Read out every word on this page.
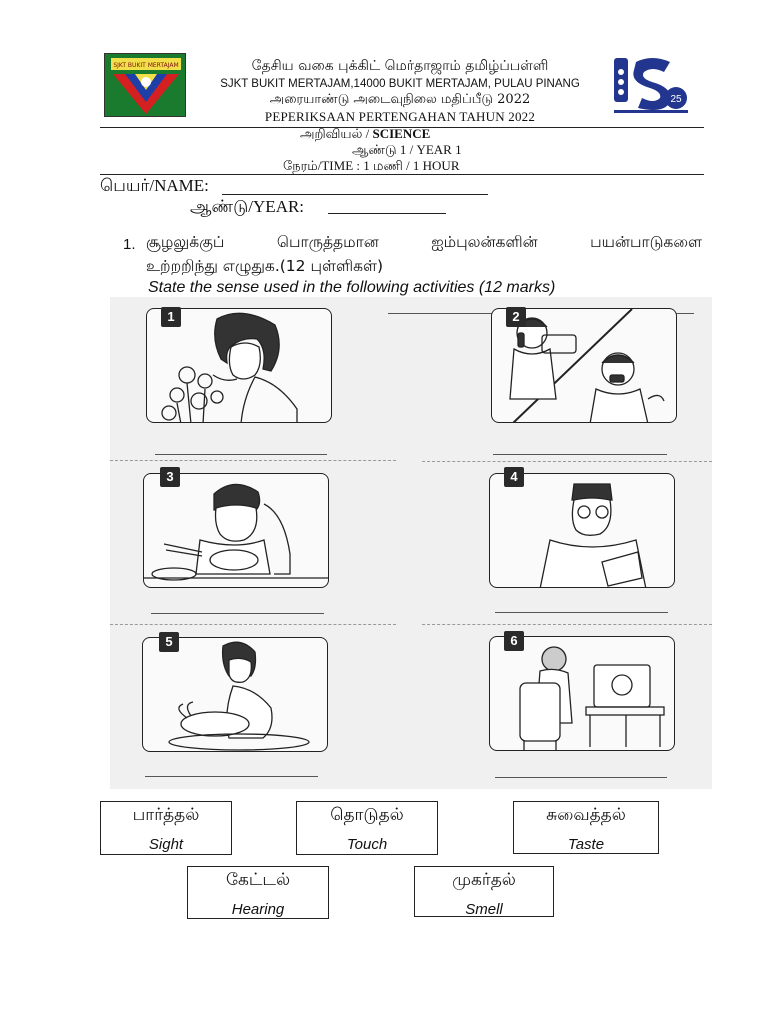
SJKT BUKIT MERTAJAM
25
தேசிய வகை புக்கிட் மெர்தாஜாம் தமிழ்ப்பள்ளி
SJKT BUKIT MERTAJAM,14000 BUKIT MERTAJAM, PULAU PINANG
அரையாண்டு அடைவுநிலை மதிப்பீடு 2022
PEPERIKSAAN PERTENGAHAN TAHUN 2022
அறிவியல் / SCIENCE
ஆண்டு 1 / YEAR 1
நேரம்/TIME : 1 மணி / 1 HOUR
பெயர்/NAME:
ஆண்டு/YEAR:
1. சூழலுக்குப் பொருத்தமான ஐம்புலன்களின் பயன்பாடுகளை
உற்றறிந்து எழுதுக.(12 புள்ளிகள்)
State the sense used in the following activities (12 marks)
1	2
3	4
5	6
பார்த்தல்
Sight
தொடுதல்
Touch
சுவைத்தல்
Taste
கேட்டல்
Hearing
முகர்தல்
Smell
